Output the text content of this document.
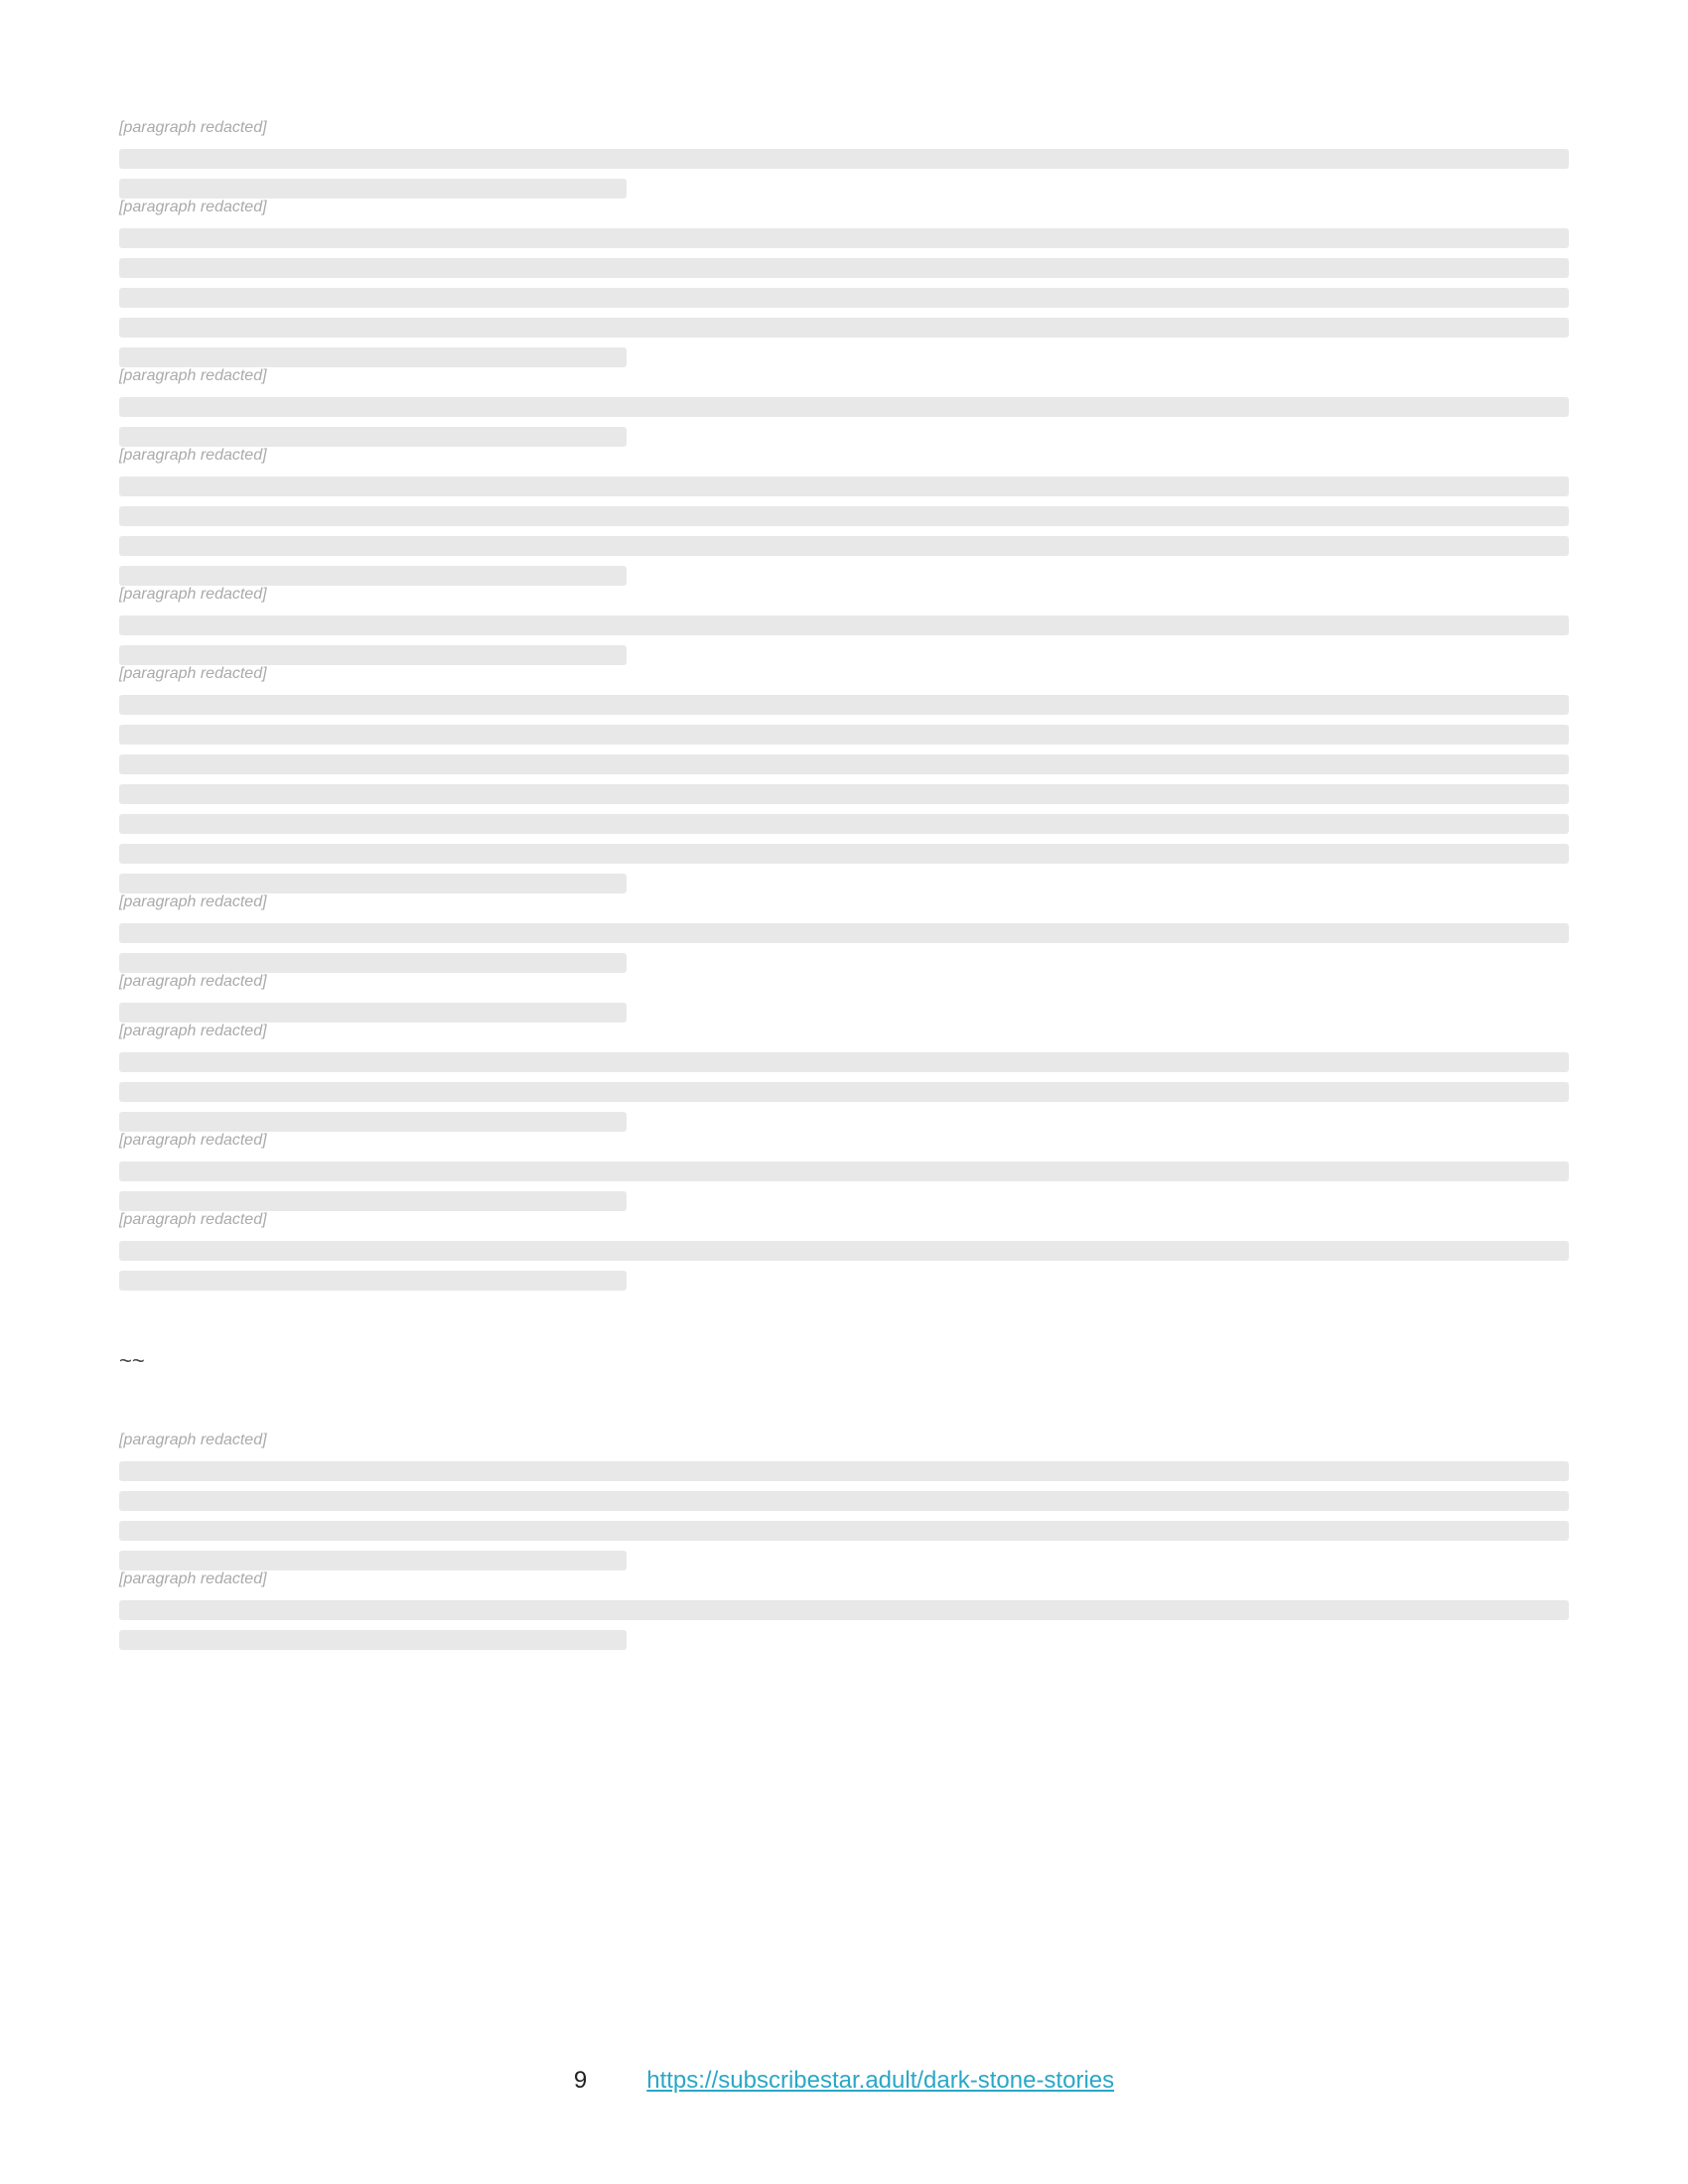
[paragraph redacted]
[paragraph redacted]
[paragraph redacted]
[paragraph redacted]
[paragraph redacted]
[paragraph redacted]
[paragraph redacted]
[paragraph redacted]
[paragraph redacted]
[paragraph redacted]
[paragraph redacted]
~~
[paragraph redacted]
[paragraph redacted]
9	https://subscribestar.adult/dark-stone-stories
